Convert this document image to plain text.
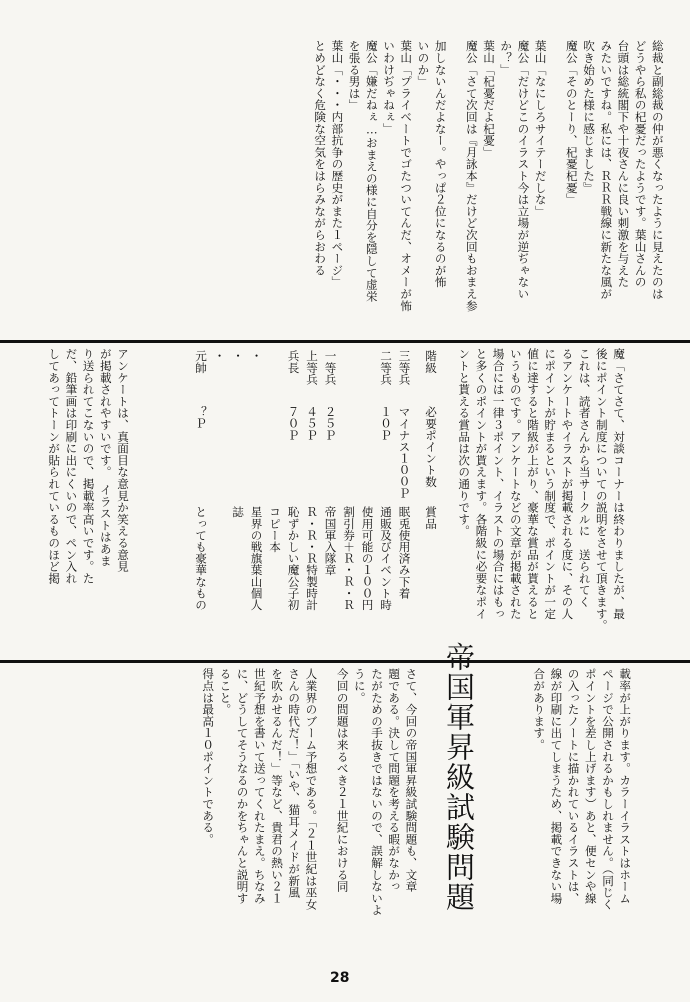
総裁と副総裁の仲が悪くなったように見えたのは

どうやら私の杞憂だったようです。葉山さんの

台頭は総統閣下や十夜さんに良い刺激を与えた

みたいですね。私には、ＲＲＲ戦線に新たな風が

吹き始めた様に感じました』

魔公「そのとーり、杞憂杞憂」

葉山「なにしろサイテーだしな」

魔公「だけどこのイラスト今は立場が逆ぢゃない

か？」

葉山「杞憂だよ杞憂」

魔公「さて次回は『月詠本』だけど次回もおまえ参

加しないんだよなー。やっぱ２位になるのが怖

いのか」

葉山「プライベートでゴたついてんだ、オメーが怖

いわけぢゃねぇ」

魔公「嫌だねぇ…おまえの様に自分を隠して虚栄

を張る男は」

葉山「・・・内部抗争の歴史がまた１ページ」

とめどなく危険な空気をはらみながらおわる

魔「さてさて、対談コーナーは終わりましたが、最

後にポイント制度についての説明をさせて頂きます。

これは、読者さんから当サークルに　送られてく

るアンケートやイラストが掲載される度に、その人

にポイントが貯まるという制度で、ポイントが一定

値に達すると階級が上がり、豪華な賞品が貰えると

いうものです。アンケートなどの文章が掲載された

場合には一律３ポイント、イラストの場合にはもっ

と多くのポイントが貰えます。各階級に必要なポイ

ントと貰える賞品は次の通りです。

階級
必要ポイント数
賞品
三等兵
マイナス１００Ｐ
眠兎使用済み下着
二等兵
１０Ｐ
通販及びイベント時
使用可能の１００円
割引券＋Ｒ・Ｒ・Ｒ
一等兵
２５Ｐ
帝国軍入隊章
上等兵
４５Ｐ
Ｒ・Ｒ・Ｒ特製時計
兵長
７０Ｐ
恥ずかしい魔公子初
コピー本
・
星界の戦旗葉山個人
・
誌
・
元帥
？Ｐ
とっても豪華なもの

アンケートは、真面目な意見か笑える意見

が掲載されやすいです。　イラストはあま

り送られてこないので、掲載率高いです。た

だ、鉛筆画は印刷に出にくいので、ペン入れ

してあってトーンが貼られているものほど掲

載率が上がります。カラーイラストはホーム

ページで公開されるかもしれません。（同じく

ポイントを差し上げます）あと、便センや線

の入ったノートに描かれているイラストは、

線が印刷に出てしまうため、掲載できない場

合があります。

帝国軍昇級試験問題

さて、今回の帝国軍昇級試験問題も、文章

題である。決して問題を考える暇がなかっ

たがための手抜きではないので、誤解しないよ

うに。

今回の問題は来るべき２１世紀における同

人業界のブーム予想である。「２１世紀は巫女

さんの時代だ！」「いや、猫耳メイドが新風

を吹かせるんだ！」等など、貴君の熱い２１

世紀予想を書いて送ってくれたまえ。ちなみ

に、どうしてそうなるのかをちゃんと説明す

ること。

得点は最高１０ポイントである。

28
